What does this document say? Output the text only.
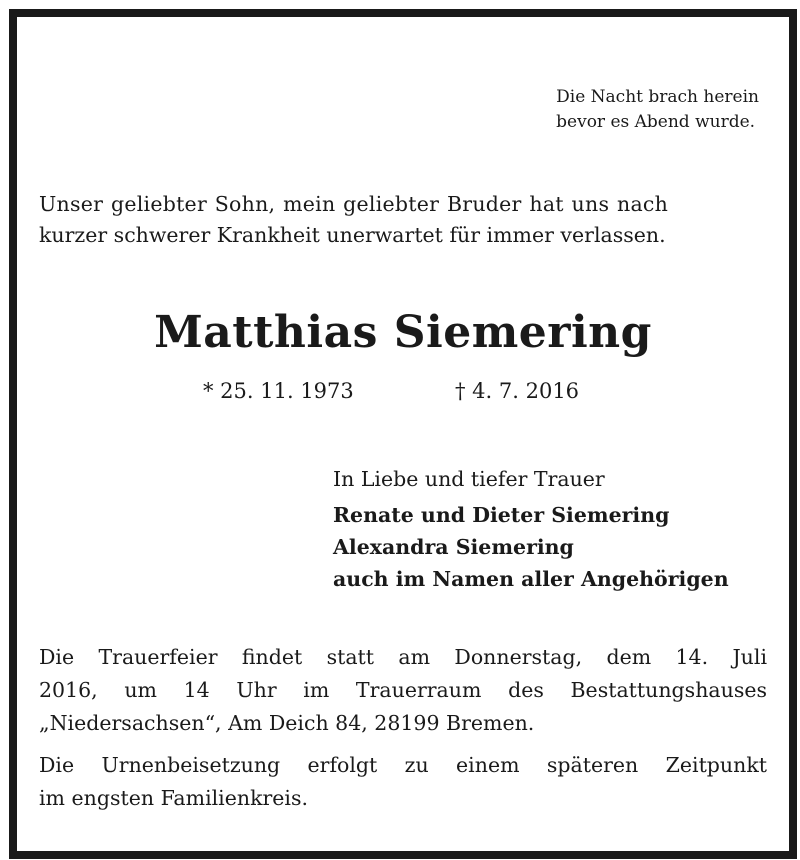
Die Nacht brach herein
bevor es Abend wurde.
Unser geliebter Sohn, mein geliebter Bruder hat uns nach
kurzer schwerer Krankheit unerwartet für immer verlassen.
Matthias Siemering
* 25. 11. 1973	† 4. 7. 2016
In Liebe und tiefer Trauer
Renate und Dieter Siemering
Alexandra Siemering
auch im Namen aller Angehörigen
Die Trauerfeier findet statt am Donnerstag, dem 14. Juli
2016, um 14 Uhr im Trauerraum des Bestattungshauses
„Niedersachsen“, Am Deich 84, 28199 Bremen.
Die Urnenbeisetzung erfolgt zu einem späteren Zeitpunkt
im engsten Familienkreis.
